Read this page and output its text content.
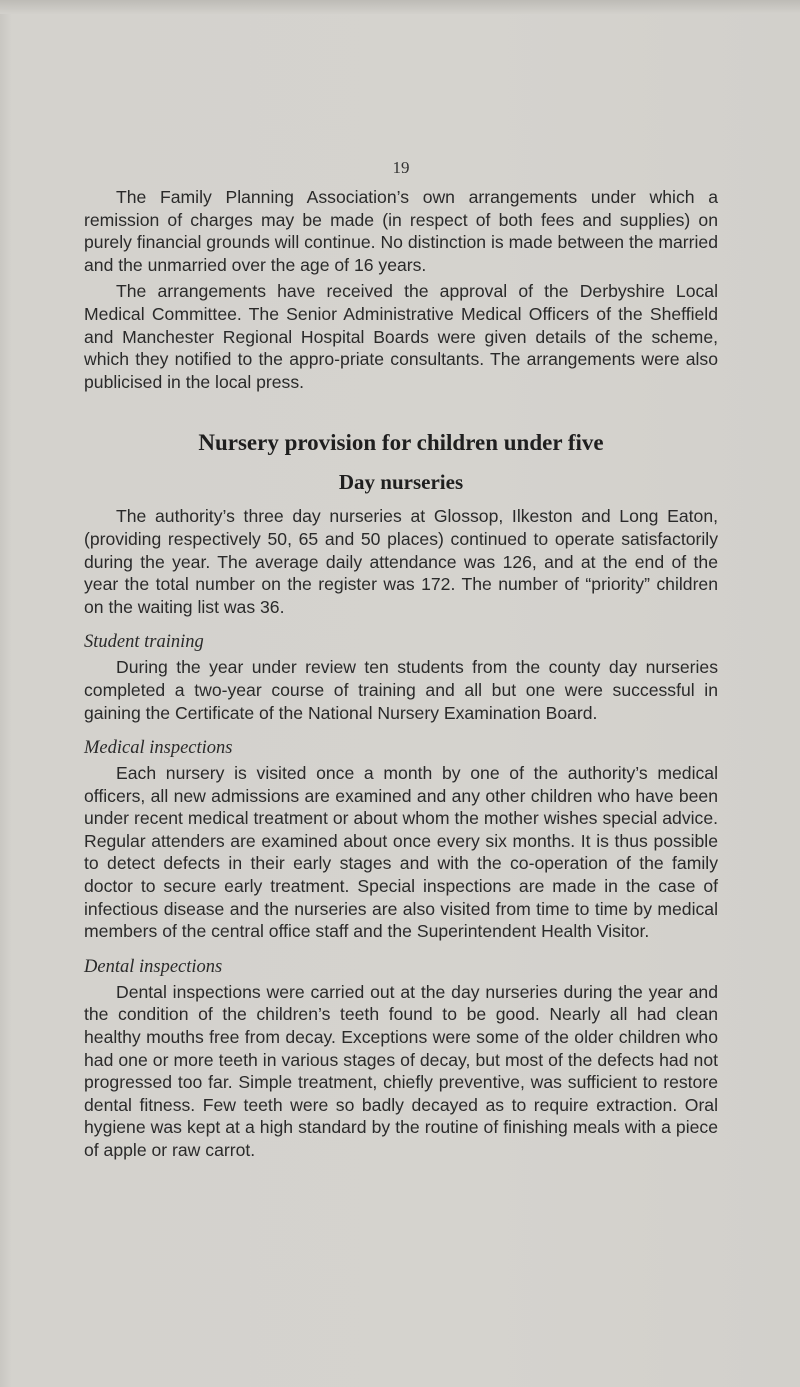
19

The Family Planning Association’s own arrangements under which a remission of charges may be made (in respect of both fees and supplies) on purely financial grounds will continue. No distinction is made between the married and the unmarried over the age of 16 years.

The arrangements have received the approval of the Derbyshire Local Medical Committee. The Senior Administrative Medical Officers of the Sheffield and Manchester Regional Hospital Boards were given details of the scheme, which they notified to the appro-priate consultants. The arrangements were also publicised in the local press.

Nursery provision for children under five
Day nurseries

The authority’s three day nurseries at Glossop, Ilkeston and Long Eaton, (providing respectively 50, 65 and 50 places) continued to operate satisfactorily during the year. The average daily attendance was 126, and at the end of the year the total number on the register was 172. The number of “priority” children on the waiting list was 36.

Student training

During the year under review ten students from the county day nurseries completed a two-year course of training and all but one were successful in gaining the Certificate of the National Nursery Examination Board.

Medical inspections

Each nursery is visited once a month by one of the authority’s medical officers, all new admissions are examined and any other children who have been under recent medical treatment or about whom the mother wishes special advice. Regular attenders are examined about once every six months. It is thus possible to detect defects in their early stages and with the co-operation of the family doctor to secure early treatment. Special inspections are made in the case of infectious disease and the nurseries are also visited from time to time by medical members of the central office staff and the Superintendent Health Visitor.

Dental inspections

Dental inspections were carried out at the day nurseries during the year and the condition of the children’s teeth found to be good. Nearly all had clean healthy mouths free from decay. Exceptions were some of the older children who had one or more teeth in various stages of decay, but most of the defects had not progressed too far. Simple treatment, chiefly preventive, was sufficient to restore dental fitness. Few teeth were so badly decayed as to require extraction. Oral hygiene was kept at a high standard by the routine of finishing meals with a piece of apple or raw carrot.
